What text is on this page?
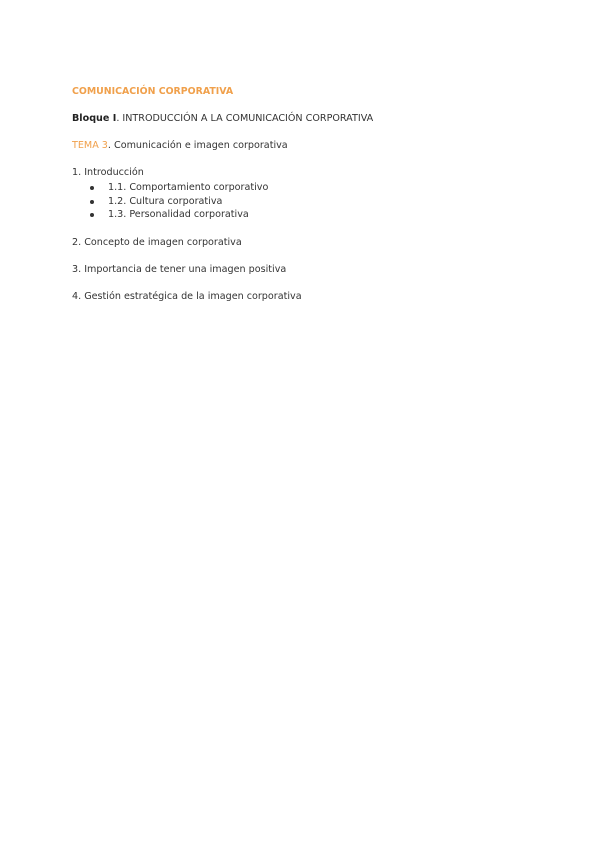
COMUNICACIÓN CORPORATIVA

Bloque I. INTRODUCCIÓN A LA COMUNICACIÓN CORPORATIVA
TEMA 3. Comunicación e imagen corporativa
1. Introducción
1.1. Comportamiento corporativo
1.2. Cultura corporativa
1.3. Personalidad corporativa
2. Concepto de imagen corporativa
3. Importancia de tener una imagen positiva
4. Gestión estratégica de la imagen corporativa
